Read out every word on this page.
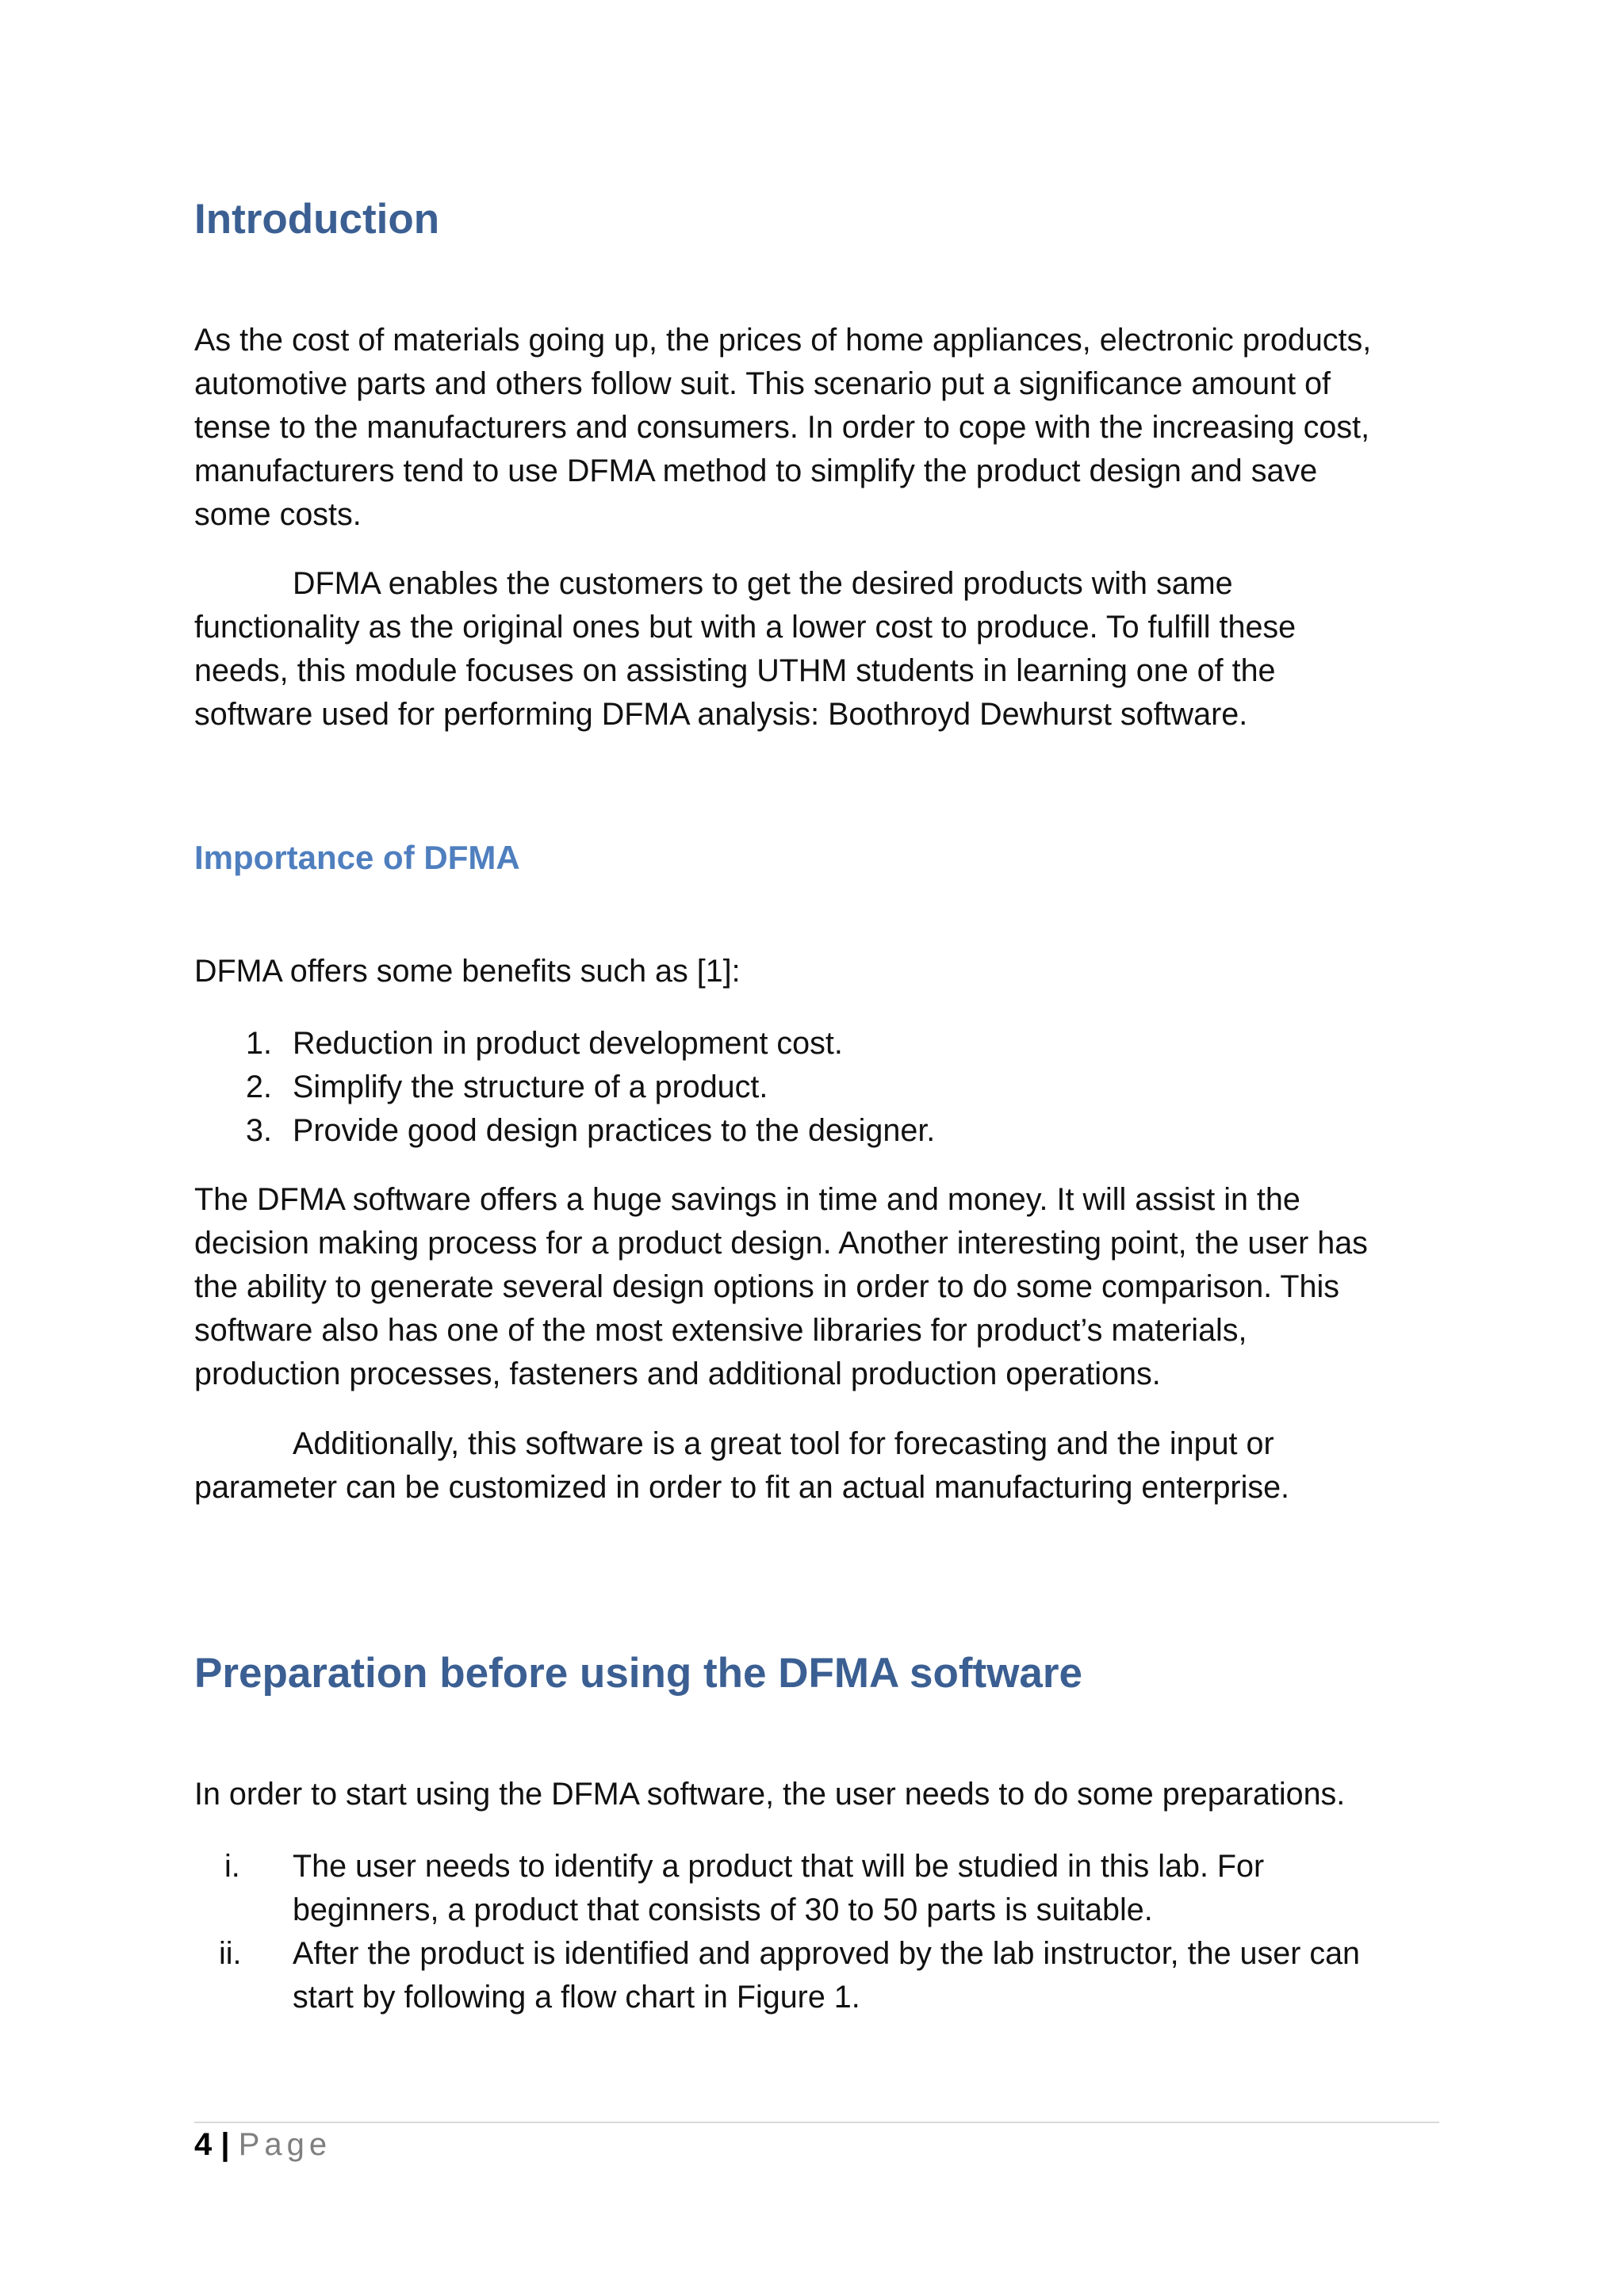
Introduction
As the cost of materials going up, the prices of home appliances, electronic products,
automotive parts and others follow suit. This scenario put a significance amount of
tense to the manufacturers and consumers. In order to cope with the increasing cost,
manufacturers tend to use DFMA method to simplify the product design and save
some costs.
DFMA enables the customers to get the desired products with same
functionality as the original ones but with a lower cost to produce. To fulfill these
needs, this module focuses on assisting UTHM students in learning one of the
software used for performing DFMA analysis: Boothroyd Dewhurst software.
Importance of DFMA
DFMA offers some benefits such as [1]:
1. Reduction in product development cost.
2. Simplify the structure of a product.
3. Provide good design practices to the designer.
The DFMA software offers a huge savings in time and money. It will assist in the
decision making process for a product design. Another interesting point, the user has
the ability to generate several design options in order to do some comparison. This
software also has one of the most extensive libraries for product’s materials,
production processes, fasteners and additional production operations.
Additionally, this software is a great tool for forecasting and the input or
parameter can be customized in order to fit an actual manufacturing enterprise.
Preparation before using the DFMA software
In order to start using the DFMA software, the user needs to do some preparations.
i.	The user needs to identify a product that will be studied in this lab. For
beginners, a product that consists of 30 to 50 parts is suitable.
ii.	After the product is identified and approved by the lab instructor, the user can
start by following a flow chart in Figure 1.
4 | Page
